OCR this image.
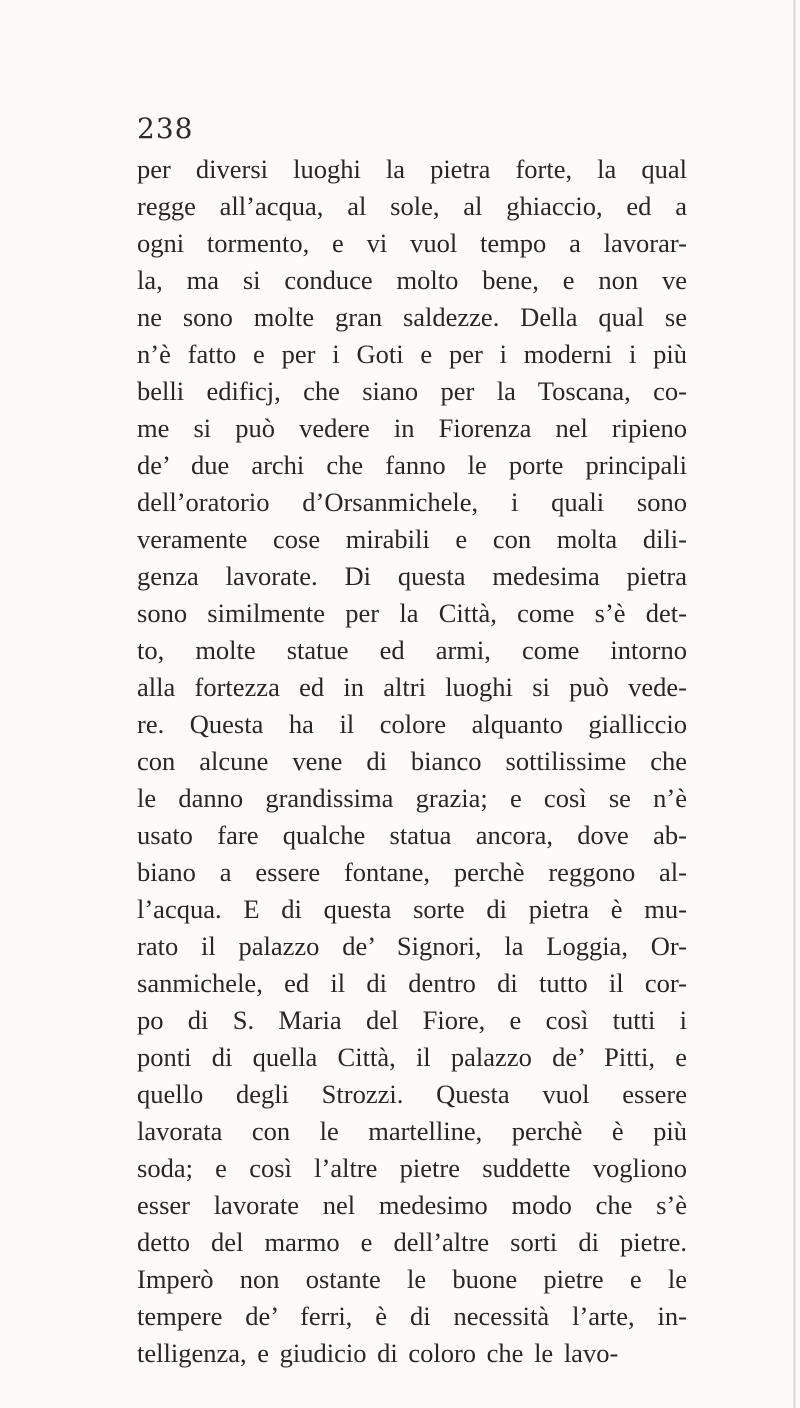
238
per diversi luoghi la pietra forte, la qual
regge all’acqua, al sole, al ghiaccio, ed a
ogni tormento, e vi vuol tempo a lavorar-
la, ma si conduce molto bene, e non ve
ne sono molte gran saldezze. Della qual se
n’è fatto e per i Goti e per i moderni i più
belli edificj, che siano per la Toscana, co-
me si può vedere in Fiorenza nel ripieno
de’ due archi che fanno le porte principali
dell’oratorio d’Orsanmichele, i quali sono
veramente cose mirabili e con molta dili-
genza lavorate. Di questa medesima pietra
sono similmente per la Città, come s’è det-
to, molte statue ed armi, come intorno
alla fortezza ed in altri luoghi si può vede-
re. Questa ha il colore alquanto gialliccio
con alcune vene di bianco sottilissime che
le danno grandissima grazia; e così se n’è
usato fare qualche statua ancora, dove ab-
biano a essere fontane, perchè reggono al-
l’acqua. E di questa sorte di pietra è mu-
rato il palazzo de’ Signori, la Loggia, Or-
sanmichele, ed il di dentro di tutto il cor-
po di S. Maria del Fiore, e così tutti i
ponti di quella Città, il palazzo de’ Pitti, e
quello degli Strozzi. Questa vuol essere
lavorata con le martelline, perchè è più
soda; e così l’altre pietre suddette vogliono
esser lavorate nel medesimo modo che s’è
detto del marmo e dell’altre sorti di pietre.
Imperò non ostante le buone pietre e le
tempere de’ ferri, è di necessità l’arte, in-
telligenza, e giudicio di coloro che le lavo-
